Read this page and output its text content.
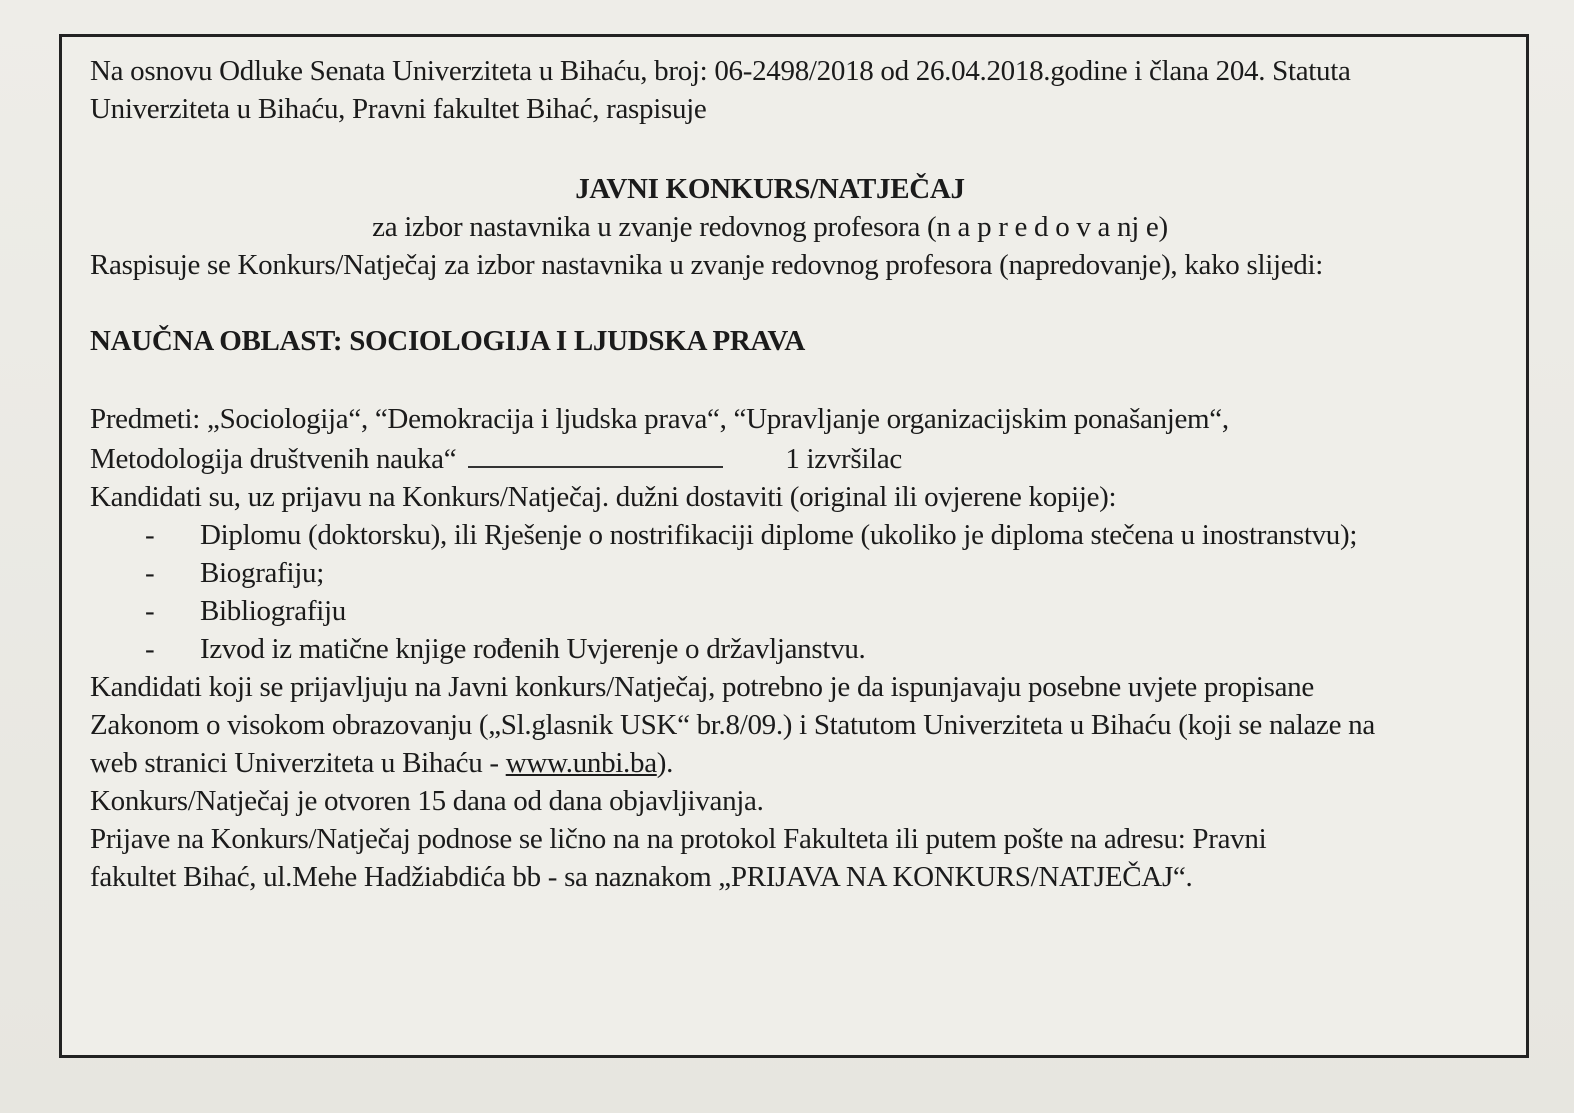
Na osnovu Odluke Senata Univerziteta u Bihaću, broj: 06-2498/2018 od 26.04.2018.godine i člana 204. Statuta Univerziteta u Bihaću, Pravni fakultet Bihać, raspisuje

JAVNI KONKURS/NATJEČAJ

za izbor nastavnika u zvanje redovnog profesora (n a p r e d o v a nj e)

Raspisuje se Konkurs/Natječaj za izbor nastavnika u zvanje redovnog profesora (napredovanje), kako slijedi:

NAUČNA OBLAST: SOCIOLOGIJA I LJUDSKA PRAVA

Predmeti: „Sociologija“, “Demokracija i ljudska prava“, “Upravljanje organizacijskim ponašanjem“,

Metodologija društvenih nauka“	1 izvršilac

Kandidati su, uz prijavu na Konkurs/Natječaj. dužni dostaviti (original ili ovjerene kopije):

-	Diplomu (doktorsku), ili Rješenje o nostrifikaciji diplome (ukoliko je diploma stečena u inostranstvu);
-	Biografiju;
-	Bibliografiju
-	Izvod iz matične knjige rođenih Uvjerenje o državljanstvu.

Kandidati koji se prijavljuju na Javni konkurs/Natječaj, potrebno je da ispunjavaju posebne uvjete propisane Zakonom o visokom obrazovanju („Sl.glasnik USK“ br.8/09.) i Statutom Univerziteta u Bihaću (koji se nalaze na web stranici Univerziteta u Bihaću - www.unbi.ba).

Konkurs/Natječaj je otvoren 15 dana od dana objavljivanja.

Prijave na Konkurs/Natječaj podnose se lično na na protokol Fakulteta ili putem pošte na adresu: Pravni fakultet Bihać, ul.Mehe Hadžiabdića bb - sa naznakom „PRIJAVA NA KONKURS/NATJEČAJ“.
